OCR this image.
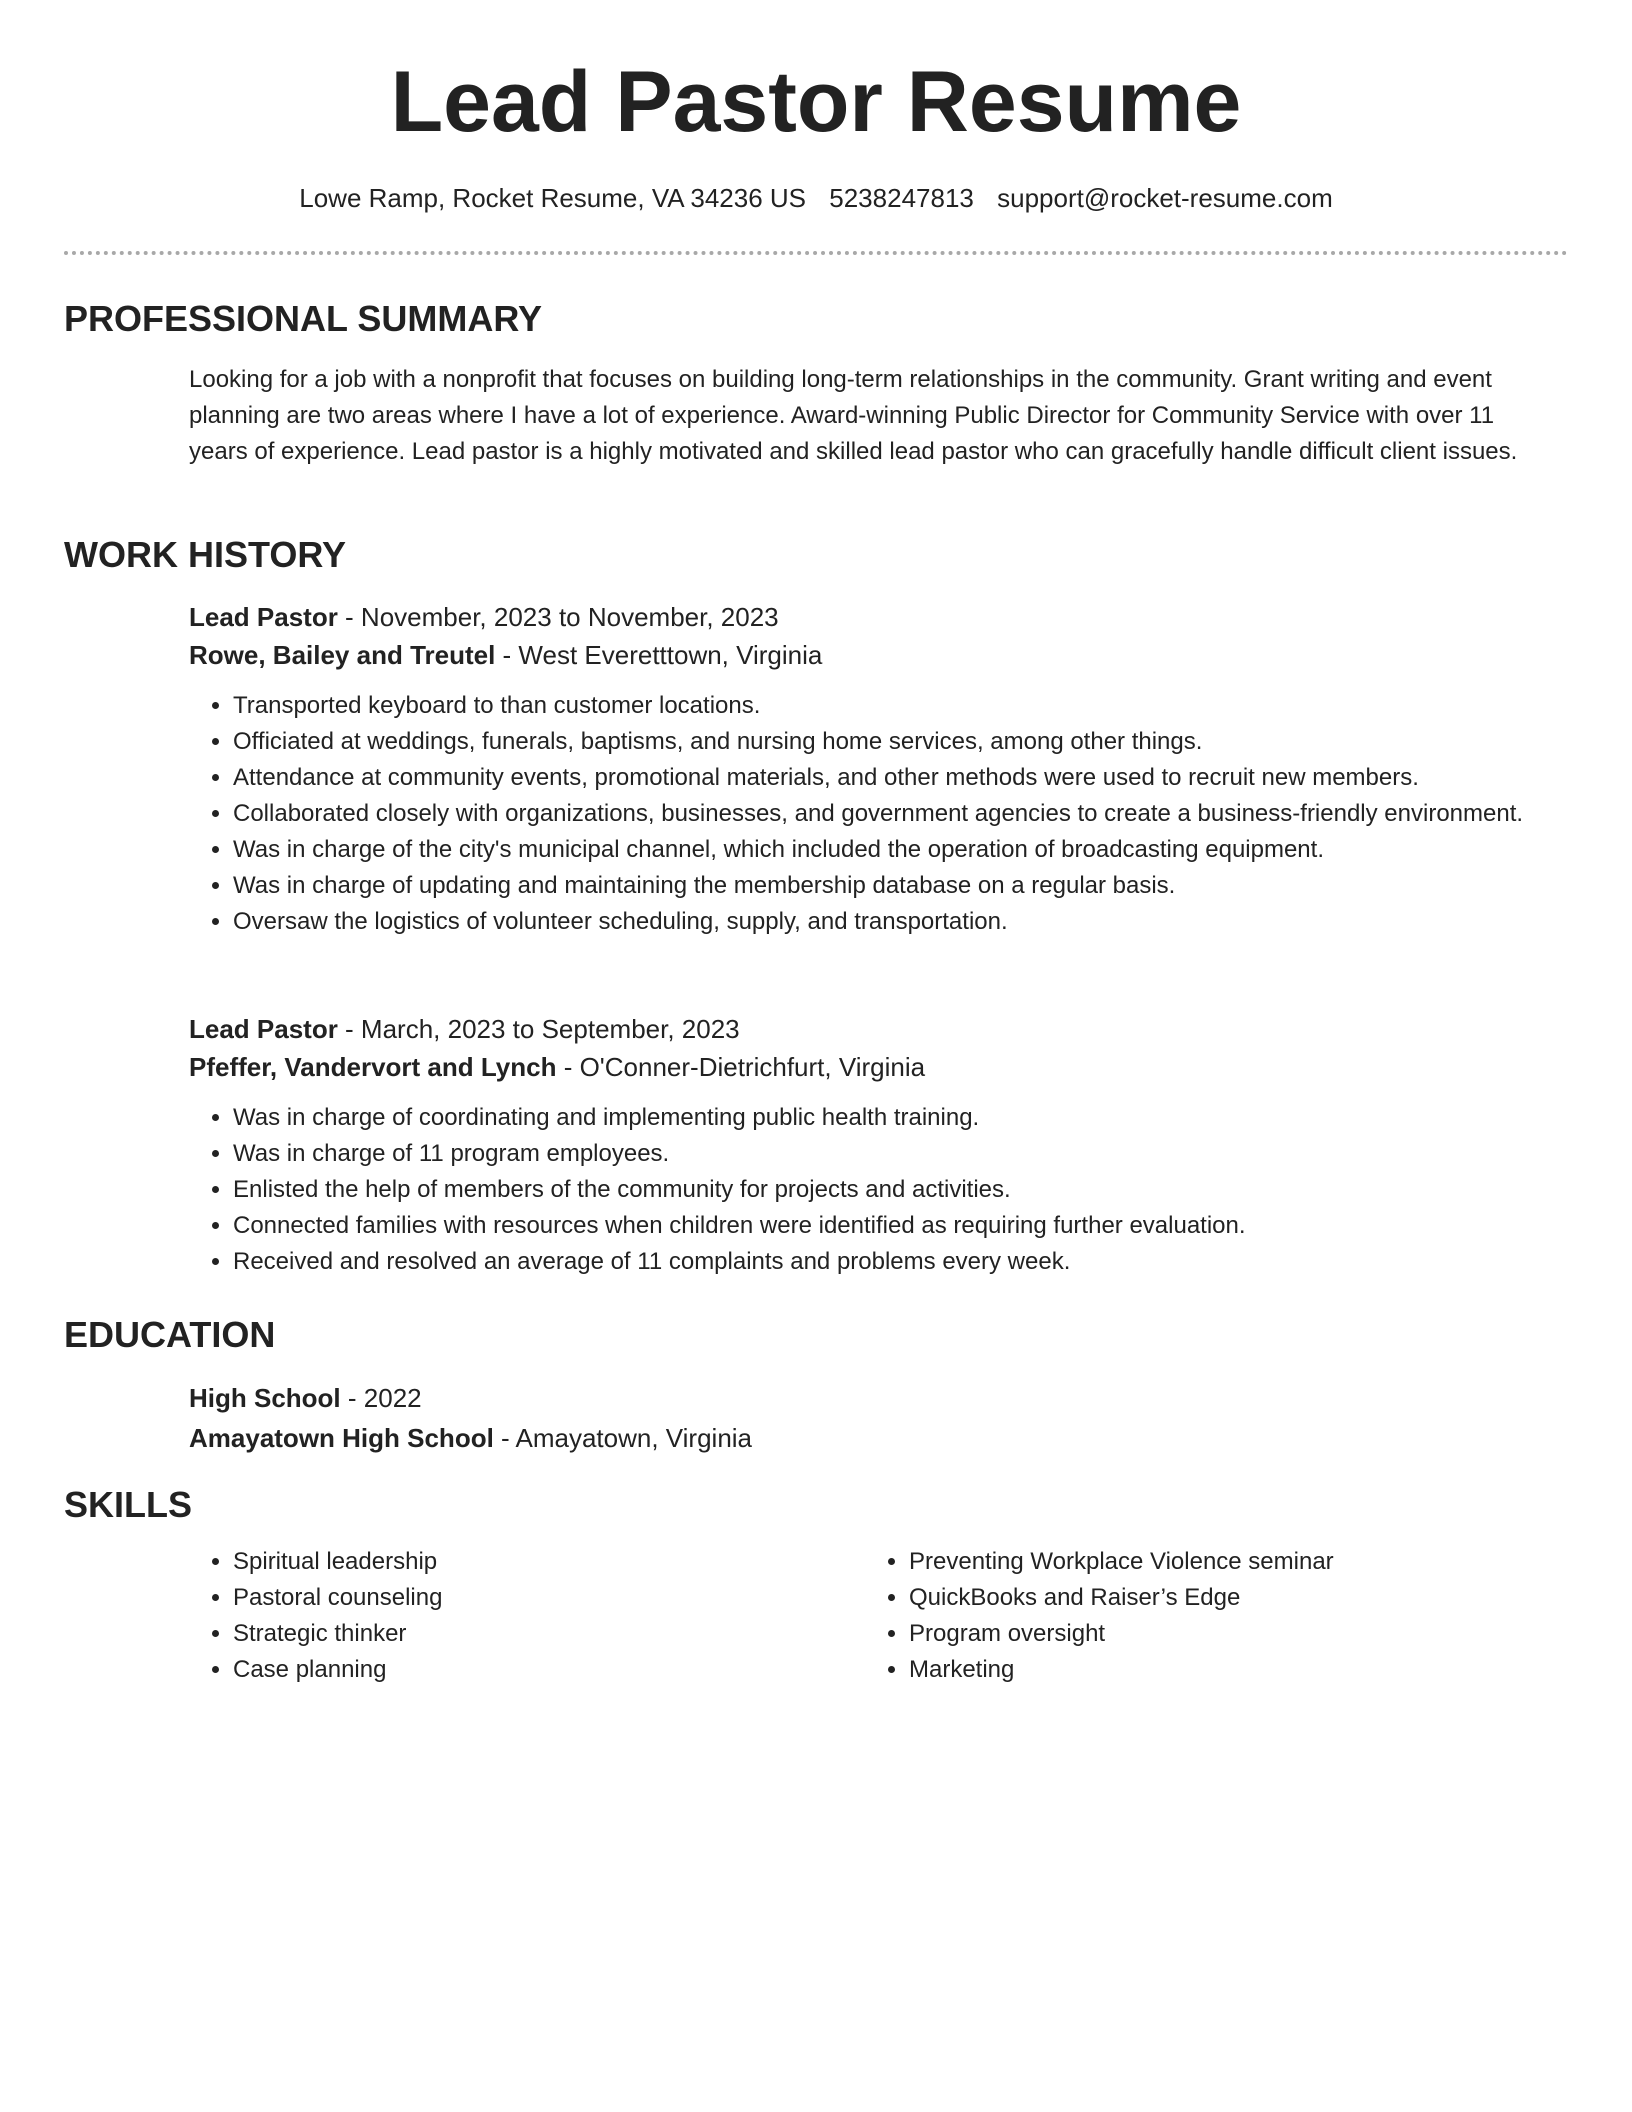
Lead Pastor Resume
Lowe Ramp, Rocket Resume, VA 34236 US 5238247813 support@rocket-resume.com
PROFESSIONAL SUMMARY

Looking for a job with a nonprofit that focuses on building long-term relationships in the community. Grant writing and event planning are two areas where I have a lot of experience. Award-winning Public Director for Community Service with over 11 years of experience. Lead pastor is a highly motivated and skilled lead pastor who can gracefully handle difficult client issues.

WORK HISTORY
Lead Pastor - November, 2023 to November, 2023
Rowe, Bailey and Treutel - West Everetttown, Virginia
• Transported keyboard to than customer locations.
• Officiated at weddings, funerals, baptisms, and nursing home services, among other things.
• Attendance at community events, promotional materials, and other methods were used to recruit new members.
• Collaborated closely with organizations, businesses, and government agencies to create a business-friendly environment.
• Was in charge of the city's municipal channel, which included the operation of broadcasting equipment.
• Was in charge of updating and maintaining the membership database on a regular basis.
• Oversaw the logistics of volunteer scheduling, supply, and transportation.
Lead Pastor - March, 2023 to September, 2023
Pfeffer, Vandervort and Lynch - O'Conner-Dietrichfurt, Virginia
• Was in charge of coordinating and implementing public health training.
• Was in charge of 11 program employees.
• Enlisted the help of members of the community for projects and activities.
• Connected families with resources when children were identified as requiring further evaluation.
• Received and resolved an average of 11 complaints and problems every week.
EDUCATION
High School - 2022
Amayatown High School - Amayatown, Virginia
SKILLS
• Spiritual leadership
• Pastoral counseling
• Strategic thinker
• Case planning
• Preventing Workplace Violence seminar
• QuickBooks and Raiser’s Edge
• Program oversight
• Marketing
